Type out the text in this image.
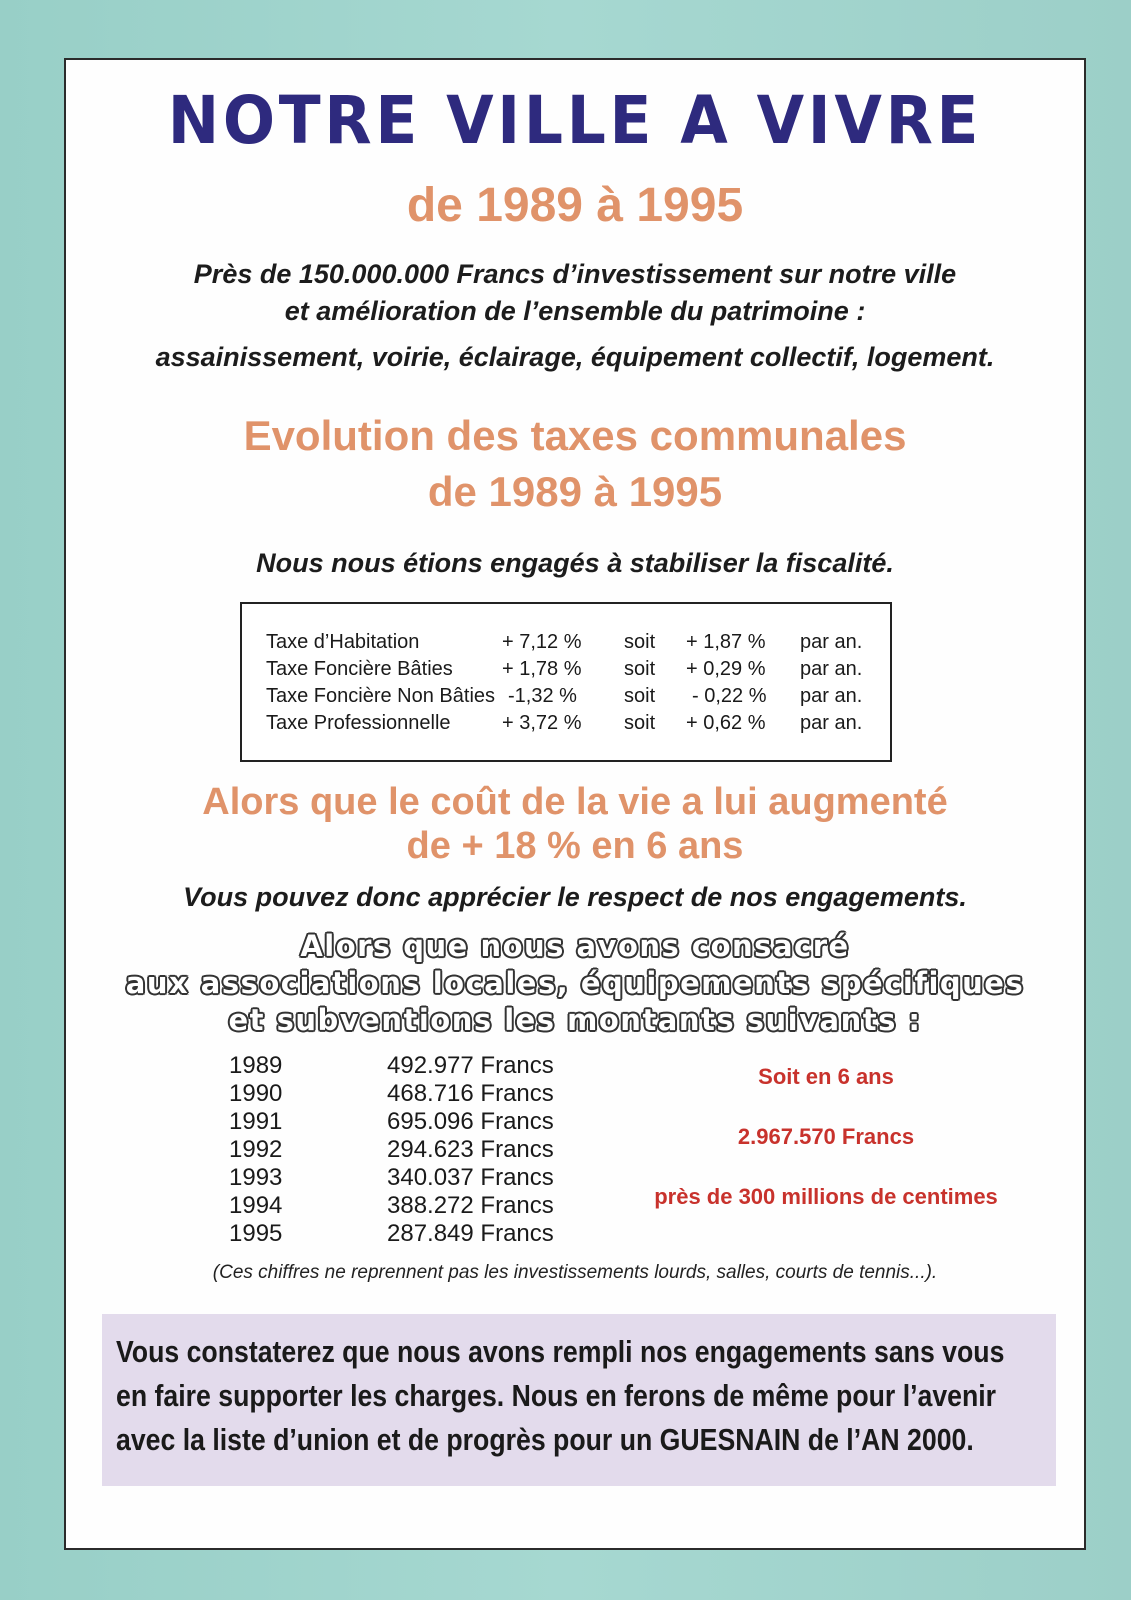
NOTRE VILLE A VIVRE
de 1989 à 1995
Près de 150.000.000 Francs d’investissement sur notre ville
et amélioration de l’ensemble du patrimoine :
assainissement, voirie, éclairage, équipement collectif, logement.
Evolution des taxes communales
de 1989 à 1995
Nous nous étions engagés à stabiliser la fiscalité.
Taxe d’Habitation	+ 7,12 % soit + 1,87 % par an.
Taxe Foncière Bâties + 1,78 % soit + 0,29 % par an.
Taxe Foncière Non Bâties -1,32 % soit - 0,22 % par an.
Taxe Professionnelle	+ 3,72 % soit + 0,62 % par an.
Alors que le coût de la vie a lui augmenté
de + 18 % en 6 ans
Vous pouvez donc apprécier le respect de nos engagements.
Alors que nous avons consacré
aux associations locales, équipements spécifiques
et subventions les montants suivants :
1989	492.977 Francs
1990	468.716 Francs
1991	695.096 Francs
1992	294.623 Francs
1993	340.037 Francs
1994	388.272 Francs
1995	287.849 Francs
Soit en 6 ans
2.967.570 Francs
près de 300 millions de centimes
(Ces chiffres ne reprennent pas les investissements lourds, salles, courts de tennis...).
Vous constaterez que nous avons rempli nos engagements sans vous
en faire supporter les charges. Nous en ferons de même pour l’avenir
avec la liste d’union et de progrès pour un GUESNAIN de l’AN 2000.
